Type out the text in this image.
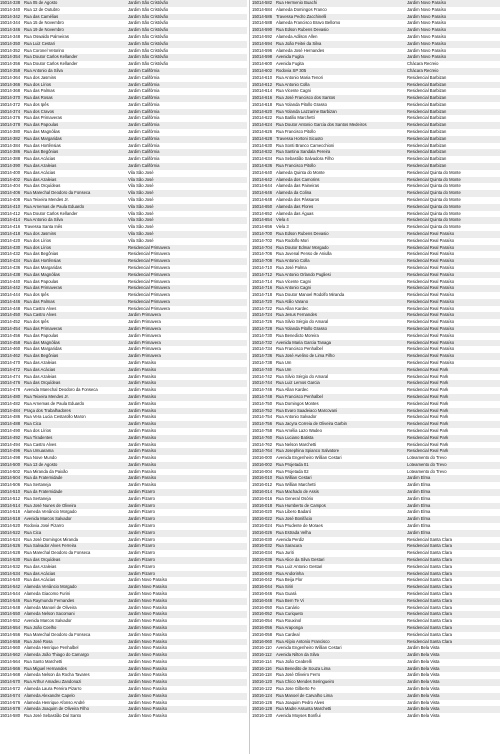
15014-338 Rua 05 de Agosto	Jardim São Cristóvão
15014-340 Rua 12 de Outubro	Jardim São Cristóvão
15014-342 Rua das Camélias	Jardim São Cristóvão
15014-344 Rua 15 de Novembro	Jardim São Cristóvão
15014-346 Rua 19 de Novembro	Jardim São Cristóvão
15014-348 Rua Oswaldo Palmeiras	Jardim São Cristóvão
15014-350 Rua Luiz Cestari	Jardim São Cristóvão
15014-352 Rua Coronel Vetorino	Jardim São Cristóvão
15014-354 Rua Doutor Carlos Kellander	Jardim São Cristóvão
15014-356 Rua Doutor Carlos Kellander	Jardim São Cristóvão
15014-358 Rua Antonio da Silva	Jardim Califórnia
15014-364 Rua dos Jasmins	Jardim Califórnia
15014-366 Rua dos Lírios	Jardim Califórnia
15014-368 Rua das Palmas	Jardim Califórnia
15014-370 Rua das Rosas	Jardim Califórnia
15014-372 Rua dos Ipês	Jardim Califórnia
15014-374 Rua dos Cravos	Jardim Califórnia
15014-376 Rua das Primaveras	Jardim Califórnia
15014-378 Rua das Papoulas	Jardim Califórnia
15014-380 Rua das Magnólias	Jardim Califórnia
15014-382 Rua das Margaridas	Jardim Califórnia
15014-384 Rua das Hortênsias	Jardim Califórnia
15014-386 Rua das Begônias	Jardim Califórnia
15014-388 Rua das Acácias	Jardim Califórnia
15014-390 Rua das Azaleias	Jardim Califórnia
15014-400 Rua das Acácias	Vila São José
15014-402 Rua das Azaleias	Vila São José
15014-404 Rua das Orquídeas	Vila São José
15014-406 Rua Marechal Deodoro da Fonseca	Vila São José
15014-408 Rua Teixeira Mendes Jr.	Vila São José
15014-410 Rua Arnemas de Paula Eduardo	Vila São José
15014-412 Rua Doutor Carlos Kellander	Vila São José
15014-414 Rua Antonio da Silva	Vila São José
15014-416 Travessa Santa Inês	Vila São José
15014-418 Rua dos Jasmins	Vila São José
15014-420 Rua dos Lírios	Vila São José
15014-430 Rua dos Lírios	Residencial Primavera
15014-432 Rua das Begônias	Residencial Primavera
15014-434 Rua das Hortênsias	Residencial Primavera
15014-436 Rua das Margaridas	Residencial Primavera
15014-438 Rua das Magnólias	Residencial Primavera
15014-440 Rua das Papoulas	Residencial Primavera
15014-442 Rua das Primaveras	Residencial Primavera
15014-444 Rua dos Ipês	Residencial Primavera
15014-446 Rua das Palmas	Residencial Primavera
15014-448 Rua Castro Alves	Residencial Primavera
15014-450 Rua Castro Alves	Jardim Primavera
15014-452 Rua dos Ipês	Jardim Primavera
15014-454 Rua das Primaveras	Jardim Primavera
15014-456 Rua das Papoulas	Jardim Primavera
15014-458 Rua das Magnólias	Jardim Primavera
15014-460 Rua das Margaridas	Jardim Primavera
15014-462 Rua das Begônias	Jardim Primavera
15014-470 Rua das Azaleias	Jardim Paraíso
15014-472 Rua das Acácias	Jardim Paraíso
15014-474 Rua das Azaleias	Jardim Paraíso
15014-476 Rua das Orquídeas	Jardim Paraíso
15014-478 Avenida Marechal Deodoro da Fonseca	Jardim Paraíso
15014-480 Rua Teixeira Mendes Jr.	Jardim Paraíso
15014-482 Rua Arnemas de Paula Eduardo	Jardim Paraíso
15014-484 Praça dos Trabalhadores	Jardim Paraíso
15014-486 Rua Vera Lucia Cestarollo Maron	Jardim Paraíso
15014-488 Rua Cica	Jardim Paraíso
15014-490 Rua dos Lírios	Jardim Paraíso
15014-492 Rua Tiradentes	Jardim Paraíso
15014-494 Rua Castro Alves	Jardim Paraíso
15014-496 Rua Umuarama	Jardim Paraíso
15014-498 Rua Nove Mundo	Jardim Paraíso
15014-500 Rua 13 de Agosto	Jardim Paraíso
15014-502 Rua Miranda da Paixão	Jardim Paraíso
15014-504 Rua da Fraternidade	Jardim Paraíso
15014-506 Rua Sertaneja	Jardim Paraíso
15014-510 Rua da Fraternidade	Jardim Pizarro
15014-512 Rua Sertaneja	Jardim Pizarro
15014-514 Rua José Nunes de Oliveira	Jardim Pizarro
15014-516 Alameda Venâncio Morgado	Jardim Pizarro
15014-518 Avenida Marcos Salvador	Jardim Pizarro
15014-520 Rodovia José Pizarro	Jardim Pizarro
15014-522 Rua Cica	Jardim Pizarro
15014-524 Rua José Domingos Miranda	Jardim Pizarro
15014-526 Rua Salvador Alves Ferreira	Jardim Pizarro
15014-528 Rua Marechal Deodoro da Fonseca	Jardim Pizarro
15014-530 Rua das Orquídeas	Jardim Pizarro
15014-532 Rua das Azaleias	Jardim Pizarro
15014-534 Rua das Acácias	Jardim Pizarro
15014-540 Rua das Acácias	Jardim Novo Paraíso
15014-542 Alameda Venâncio Morgado	Jardim Novo Paraíso
15014-544 Alameda Giacomo Furini	Jardim Novo Paraíso
15014-546 Rua Raymundo Fernandes	Jardim Novo Paraíso
15014-548 Alameda Manoel de Oliveira	Jardim Novo Paraíso
15014-550 Alameda Nelson Sacomani	Jardim Novo Paraíso
15014-552 Avenida Marcos Salvador	Jardim Novo Paraíso
15014-554 Rua João Coelho	Jardim Novo Paraíso
15014-556 Rua Marechal Deodoro da Fonseca	Jardim Novo Paraíso
15014-558 Rua José Rosa	Jardim Novo Paraíso
15014-560 Alameda Henrique Penhalbel	Jardim Novo Paraíso
15014-562 Alameda João Thiago do Camargo	Jardim Novo Paraíso
15014-564 Rua Santo Marchetti	Jardim Novo Paraíso
15014-566 Rua Miguel Hernandes	Jardim Novo Paraíso
15014-568 Alameda Nelson da Rocha Tavares	Jardim Novo Paraíso
15014-570 Rua Arthur Amadeu Zandonazi	Jardim Novo Paraíso
15014-572 Alameda Laura Pereira Pizarro	Jardim Novo Paraíso
15014-574 Alameda Alexandre Capelo	Jardim Novo Paraíso
15014-576 Alameda Henrique Afonso André	Jardim Novo Paraíso
15014-578 Alameda Joaquim de Oliveira Filho	Jardim Novo Paraíso
15014-580 Rua José Sebastião Dal Santo	Jardim Novo Paraíso
15014-582 Rua Hermenio Buachi	Jardim Novo Paraíso
15014-584 Alameda Domingos Franco	Jardim Novo Paraíso
15014-586 Travessa Pedro Zacchinelli	Jardim Novo Paraíso
15014-588 Alameda Francisco Bravo Bellomo	Jardim Novo Paraíso
15014-590 Rua Edson Rubens Devasio	Jardim Novo Paraíso
15014-592 Alameda Adilson Allen	Jardim Novo Paraíso
15014-594 Rua João Feitei da Silva	Jardim Novo Paraíso
15014-596 Alameda José Hernandes	Jardim Novo Paraíso
15014-598 Avenida Fugita	Jardim Novo Paraíso
15014-600 Avenida Fugita	Chácara Recreio
15014-602 Rodovia SP 305	Chácara Recreio
15014-610 Rua Antonio Maria Tenori	Residencial Barbizan
15014-612 Rua Antonio Colla	Residencial Barbizan
15014-614 Rua Vicente Cagni	Residencial Barbizan
15014-616 Rua José Francisco dos Santos	Residencial Barbizan
15014-618 Rua Yolanda Pitollo Grasso	Residencial Barbizan
15014-620 Rua Yolanda Lazzarine Barbizan	Residencial Barbizan
15014-622 Rua Batilio Marchetti	Residencial Barbizan
15014-624 Rua Doutor Antonio Garcia dos Santos Medeiros	Residencial Barbizan
15014-626 Rua Francisco Pitollo	Residencial Barbizan
15014-628 Travessa Hortoni Sicuoto	Residencial Barbizan
15014-630 Rua Sonti Branco Camecchioni	Residencial Barbizan
15014-632 Rua Santina Sandala Pereira	Residencial Barbizan
15014-634 Rua Sebastião Salvadora Filho	Residencial Barbizan
15014-636 Rua Francisco Pitollo	Residencial Barbizan
15014-640 Alameda Quinta do Monte	Residencial Quinta do Monte
15014-642 Alameda dos Camorins	Residencial Quinta do Monte
15014-644 Alameda das Paineiras	Residencial Quinta do Monte
15014-646 Alameda da Colina	Residencial Quinta do Monte
15014-648 Alameda dos Pássaros	Residencial Quinta do Monte
15014-650 Alameda das Flores	Residencial Quinta do Monte
15014-652 Alameda das Águas	Residencial Quinta do Monte
15014-654 Viela 4	Residencial Quinta do Monte
15014-656 Viela 3	Residencial Quinta do Monte
15014-700 Rua Edson Rubens Devasio	Residencial Real Paraíso
15014-702 Rua Rodolfo Mori	Residencial Real Paraíso
15014-704 Rua Doutor Edmar Morgado	Residencial Real Paraíso
15014-706 Rua Juvenal Penso de Aniulla	Residencial Real Paraíso
15014-708 Rua Antonio Colla	Residencial Real Paraíso
15014-710 Rua José Palma	Residencial Real Paraíso
15014-712 Rua Antonio Orlando Pugliesi	Residencial Real Paraíso
15014-714 Rua Vicente Cagni	Residencial Real Paraíso
15014-716 Rua Antonio Cagni	Residencial Real Paraíso
15014-718 Rua Doutor Manoel Rodolfo Miranda	Residencial Real Paraíso
15014-720 Rua Atilio Varano	Residencial Real Paraíso
15014-722 Rua Allan Kardec	Residencial Real Paraíso
15014-724 Rua Jesus Fernandes	Residencial Real Paraíso
15014-726 Rua Silvio Sérgio do Amaral	Residencial Real Paraíso
15014-728 Rua Yolanda Pitollo Grasso	Residencial Real Paraíso
15014-730 Rua Benedicto Moreira	Residencial Real Paraíso
15014-732 Avenida Maria Garcia Tanaga	Residencial Real Paraíso
15014-734 Rua Francisco Penhalbel	Residencial Real Paraíso
15014-736 Rua José Avelino de Lima Filho	Residencial Real Paraíso
15014-738 Rua Um	Residencial Real Paraíso
15014-740 Rua Um	Residencial Real Park
15014-742 Rua Silvio Sérgio do Amaral	Residencial Real Park
15014-744 Rua Luiz Lemos Garcia	Residencial Real Park
15014-746 Rua Allan Kardec	Residencial Real Park
15014-748 Rua Francisco Penhalbel	Residencial Real Park
15014-750 Rua Domingos Montes	Residencial Real Park
15014-752 Rua Evaro Saadeiaco Marcovani	Residencial Real Park
15014-754 Rua Antonio Salvador	Residencial Real Park
15014-756 Rua Jacyra Correia de Oliveira Garbin	Residencial Real Park
15014-758 Rua Amélia Lazo Wadeo	Residencial Real Park
15014-760 Rua Luciano Batista	Residencial Real Park
15014-762 Rua Nelson Marchetti	Residencial Real Park
15014-764 Rua Josephina Spianco Salvatore	Residencial Real Park
15016-000 Avenida Engenheiro Willian Cestari	Loteamento do Trevo
15016-002 Rua Projetada 01	Loteamento do Trevo
15016-004 Rua Projetada 02	Loteamento do Trevo
15016-010 Rua Willian Cestari	Jardim Elma
15016-012 Rua Willian Marchetti	Jardim Elma
15016-014 Rua Machado de Assis	Jardim Elma
15016-016 Rua General Osório	Jardim Elma
15016-018 Rua Humberto de Campos	Jardim Elma
15016-020 Rua Libero Badaró	Jardim Elma
15016-022 Rua José Bonifácio	Jardim Elma
15016-024 Rua Prudente de Moraes	Jardim Elma
15016-026 Rua Estrada Velha	Jardim Elma
15016-030 Avenida Perdiz	Residencial Santa Clara
15016-032 Rua Saracura	Residencial Santa Clara
15016-034 Rua Juriti	Residencial Santa Clara
15016-036 Rua Alice da Silva Gestari	Residencial Santa Clara
15016-038 Rua Luiz Antonio Gestari	Residencial Santa Clara
15016-040 Rua Andorinha	Residencial Santa Clara
15016-042 Rua Beija Flor	Residencial Santa Clara
15016-044 Rua Siriri	Residencial Santa Clara
15016-046 Rua Guará	Residencial Santa Clara
15016-048 Rua Bem Te Vi	Residencial Santa Clara
15016-050 Rua Canário	Residencial Santa Clara
15016-052 Rua Curiqueto	Residencial Santa Clara
15016-054 Rua Rouxinol	Residencial Santa Clara
15016-056 Rua Araponga	Residencial Santa Clara
15016-058 Rua Cardeal	Residencial Santa Clara
15016-060 Rua Alípio Antonio Francisco	Residencial Santa Clara
15016-110	Avenida Engenheiro Willian Cestari	Jardim Bela Vista
15016-112	Avenida Nilton da Silva	Jardim Bela Vista
15016-114	Rua João Ceabrelli	Jardim Bela Vista
15016-116	Rua Benedito de Souza Lima	Jardim Bela Vista
15016-118	Rua José Oliveiro Ferro	Jardim Bela Vista
15016-120 Rua Chico Mendes Seringueiro	Jardim Bela Vista
15016-122 Rua Jose Gilberto Fe	Jardim Bela Vista
15016-124 Rua Manoel de Carvalho Lima	Jardim Bela Vista
15016-126 Rua Joaquim Pedro Alves	Jardim Bela Vista
15016-128 Rua Madre Assunta Marchetti	Jardim Bela Vista
15016-130 Avenida Moyses Bonfiui	Jardim Bela Vista
